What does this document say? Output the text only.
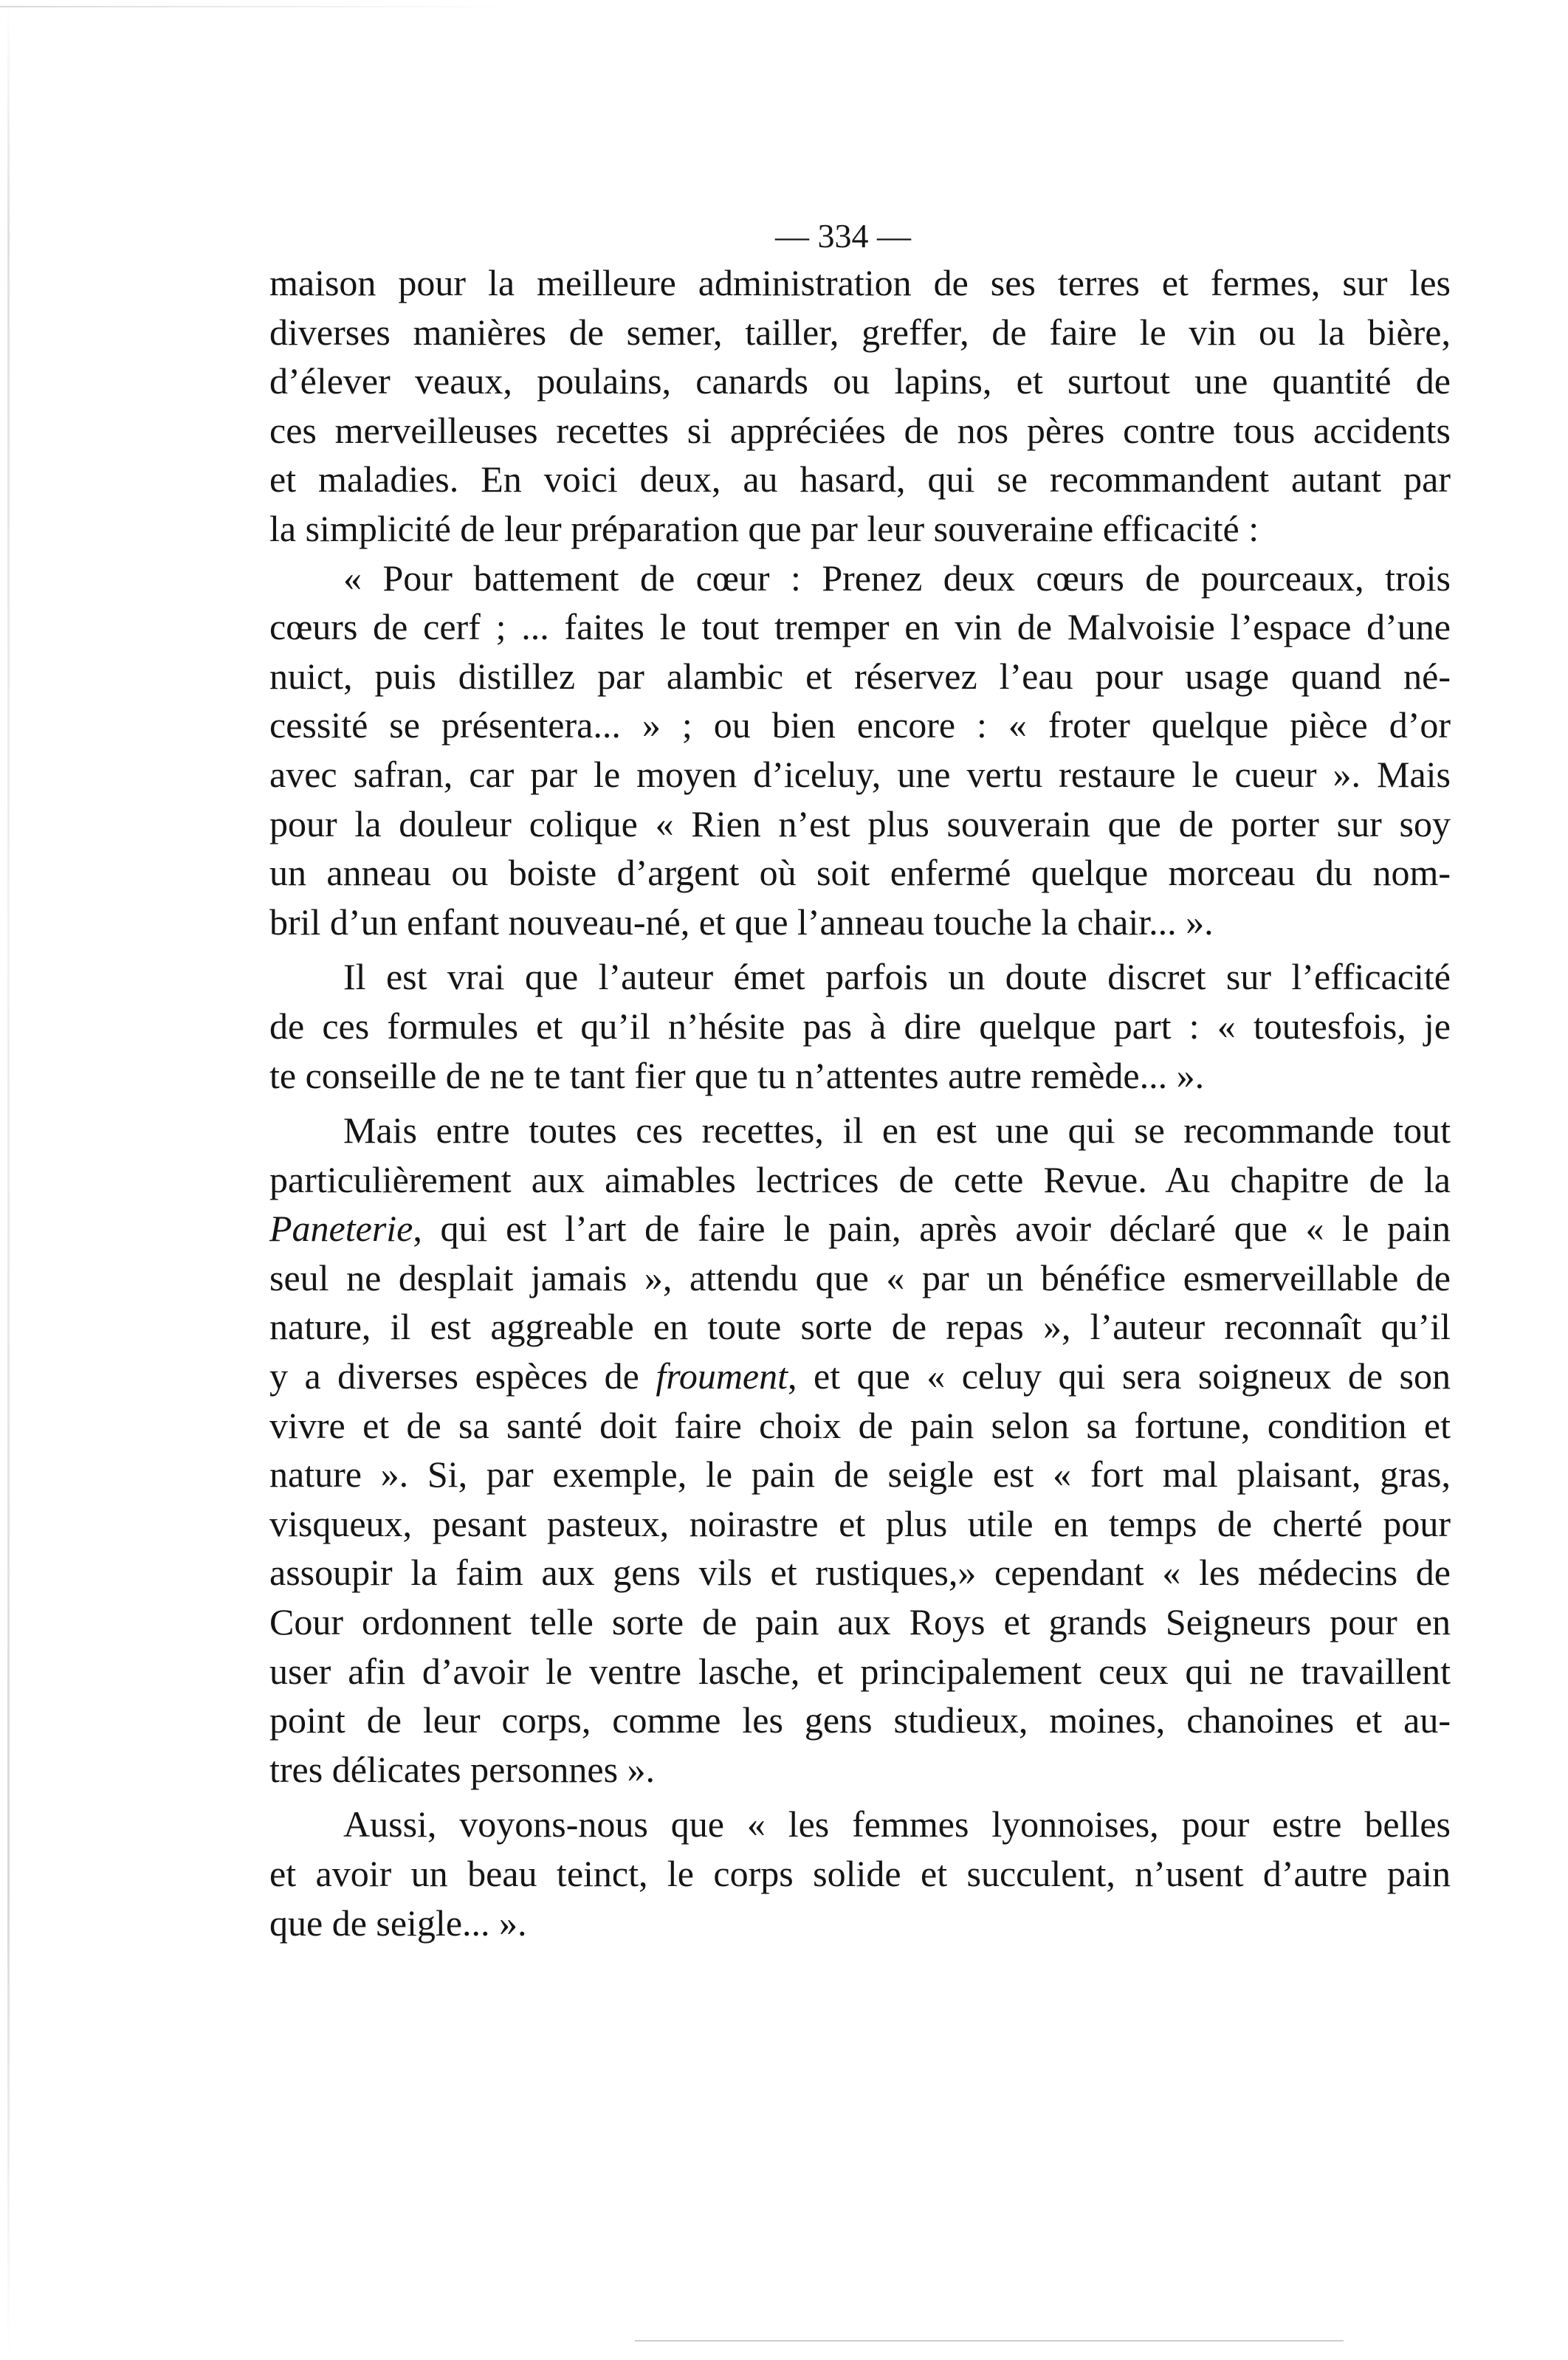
— 334 —
maison pour la meilleure administration de ses terres et fermes, sur les
diverses manières de semer, tailler, greffer, de faire le vin ou la bière,
d’élever veaux, poulains, canards ou lapins, et surtout une quantité de
ces merveilleuses recettes si appréciées de nos pères contre tous accidents
et maladies. En voici deux, au hasard, qui se recommandent autant par
la simplicité de leur préparation que par leur souveraine efficacité :
« Pour battement de cœur : Prenez deux cœurs de pourceaux, trois
cœurs de cerf ; ... faites le tout tremper en vin de Malvoisie l’espace d’une
nuict, puis distillez par alambic et réservez l’eau pour usage quand né-
cessité se présentera... » ; ou bien encore : « froter quelque pièce d’or
avec safran, car par le moyen d’iceluy, une vertu restaure le cueur ». Mais
pour la douleur colique « Rien n’est plus souverain que de porter sur soy
un anneau ou boiste d’argent où soit enfermé quelque morceau du nom-
bril d’un enfant nouveau-né, et que l’anneau touche la chair... ».
Il est vrai que l’auteur émet parfois un doute discret sur l’efficacité
de ces formules et qu’il n’hésite pas à dire quelque part : « toutesfois, je
te conseille de ne te tant fier que tu n’attentes autre remède... ».
Mais entre toutes ces recettes, il en est une qui se recommande tout
particulièrement aux aimables lectrices de cette Revue. Au chapitre de la
Paneterie, qui est l’art de faire le pain, après avoir déclaré que « le pain
seul ne desplait jamais », attendu que « par un bénéfice esmerveillable de
nature, il est aggreable en toute sorte de repas », l’auteur reconnaît qu’il
y a diverses espèces de froument, et que « celuy qui sera soigneux de son
vivre et de sa santé doit faire choix de pain selon sa fortune, condition et
nature ». Si, par exemple, le pain de seigle est « fort mal plaisant, gras,
visqueux, pesant pasteux, noirastre et plus utile en temps de cherté pour
assoupir la faim aux gens vils et rustiques,» cependant « les médecins de
Cour ordonnent telle sorte de pain aux Roys et grands Seigneurs pour en
user afin d’avoir le ventre lasche, et principalement ceux qui ne travaillent
point de leur corps, comme les gens studieux, moines, chanoines et au-
tres délicates personnes ».
Aussi, voyons-nous que « les femmes lyonnoises, pour estre belles
et avoir un beau teinct, le corps solide et succulent, n’usent d’autre pain
que de seigle... ».
